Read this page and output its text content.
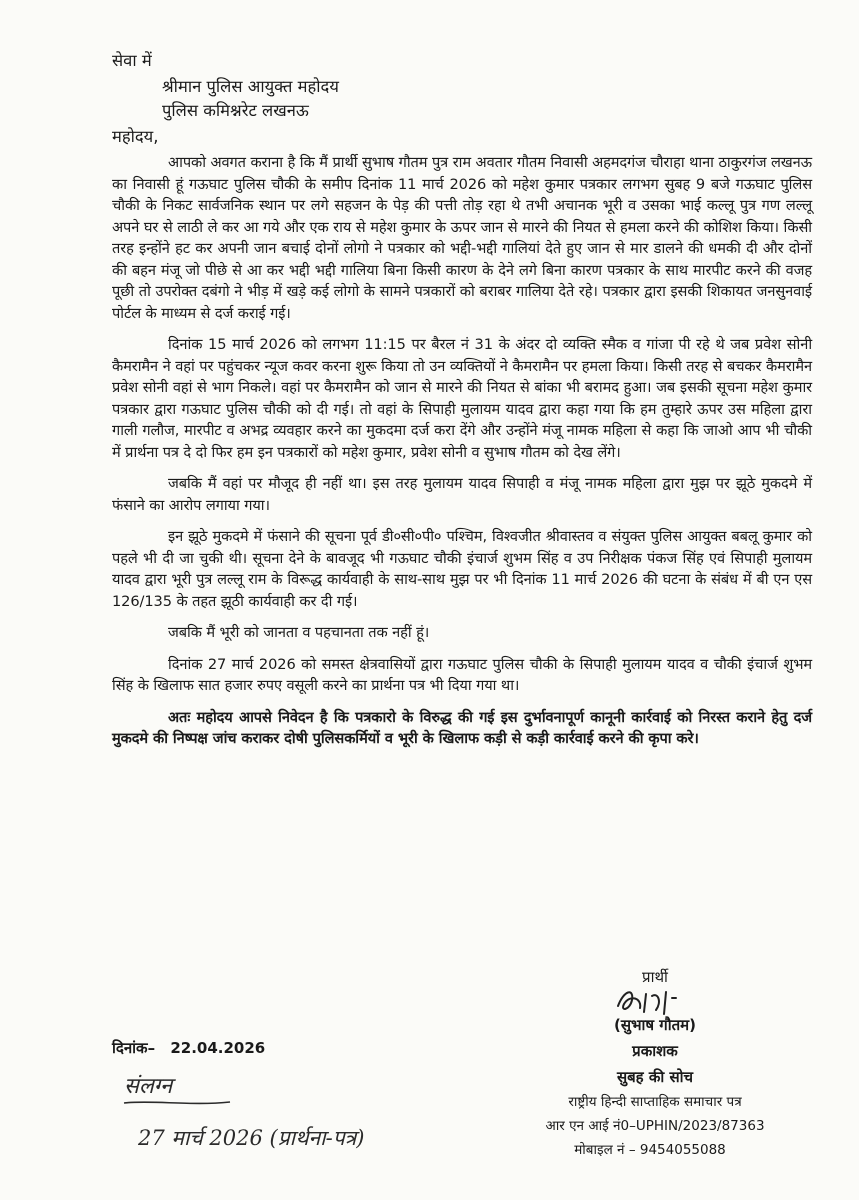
सेवा में
श्रीमान पुलिस आयुक्त महोदय
पुलिस कमिश्नरेट लखनऊ
महोदय,

आपको अवगत कराना है कि मैं प्रार्थी सुभाष गौतम पुत्र राम अवतार गौतम निवासी अहमदगंज चौराहा थाना ठाकुरगंज लखनऊ का निवासी हूं गऊघाट पुलिस चौकी के समीप दिनांक 11 मार्च 2026 को महेश कुमार पत्रकार लगभग सुबह 9 बजे गऊघाट पुलिस चौकी के निकट सार्वजनिक स्थान पर लगे सहजन के पेड़ की पत्ती तोड़ रहा थे तभी अचानक भूरी व उसका भाई कल्लू पुत्र गण लल्लू अपने घर से लाठी ले कर आ गये और एक राय से महेश कुमार के ऊपर जान से मारने की नियत से हमला करने की कोशिश किया। किसी तरह इन्होंने हट कर अपनी जान बचाई दोनों लोगो ने पत्रकार को भद्दी-भद्दी गालियां देते हुए जान से मार डालने की धमकी दी और दोनों की बहन मंजू जो पीछे से आ कर भद्दी भद्दी गालिया बिना किसी कारण के देने लगे बिना कारण पत्रकार के साथ मारपीट करने की वजह पूछी तो उपरोक्त दबंगो ने भीड़ में खड़े कई लोगो के सामने पत्रकारों को बराबर गालिया देते रहे। पत्रकार द्वारा इसकी शिकायत जनसुनवाई पोर्टल के माध्यम से दर्ज कराई गई।

दिनांक 15 मार्च 2026 को लगभग 11:15 पर बैरल नं 31 के अंदर दो व्यक्ति स्मैक व गांजा पी रहे थे जब प्रवेश सोनी कैमरामैन ने वहां पर पहुंचकर न्यूज कवर करना शुरू किया तो उन व्यक्तियों ने कैमरामैन पर हमला किया। किसी तरह से बचकर कैमरामैन प्रवेश सोनी वहां से भाग निकले। वहां पर कैमरामैन को जान से मारने की नियत से बांका भी बरामद हुआ। जब इसकी सूचना महेश कुमार पत्रकार द्वारा गऊघाट पुलिस चौकी को दी गई। तो वहां के सिपाही मुलायम यादव द्वारा कहा गया कि हम तुम्हारे ऊपर उस महिला द्वारा गाली गलौज, मारपीट व अभद्र व्यवहार करने का मुकदमा दर्ज करा देंगे और उन्होंने मंजू नामक महिला से कहा कि जाओ आप भी चौकी में प्रार्थना पत्र दे दो फिर हम इन पत्रकारों को महेश कुमार, प्रवेश सोनी व सुभाष गौतम को देख लेंगे।

जबकि मैं वहां पर मौजूद ही नहीं था। इस तरह मुलायम यादव सिपाही व मंजू नामक महिला द्वारा मुझ पर झूठे मुकदमे में फंसाने का आरोप लगाया गया।

इन झूठे मुकदमे में फंसाने की सूचना पूर्व डी०सी०पी० पश्चिम, विश्वजीत श्रीवास्तव व संयुक्त पुलिस आयुक्त बबलू कुमार को पहले भी दी जा चुकी थी। सूचना देने के बावजूद भी गऊघाट चौकी इंचार्ज शुभम सिंह व उप निरीक्षक पंकज सिंह एवं सिपाही मुलायम यादव द्वारा भूरी पुत्र लल्लू राम के विरूद्ध कार्यवाही के साथ-साथ मुझ पर भी दिनांक 11 मार्च 2026 की घटना के संबंध में बी एन एस 126/135 के तहत झूठी कार्यवाही कर दी गई।

जबकि मैं भूरी को जानता व पहचानता तक नहीं हूं।

दिनांक 27 मार्च 2026 को समस्त क्षेत्रवासियों द्वारा गऊघाट पुलिस चौकी के सिपाही मुलायम यादव व चौकी इंचार्ज शुभम सिंह के खिलाफ सात हजार रुपए वसूली करने का प्रार्थना पत्र भी दिया गया था।

अतः महोदय आपसे निवेदन है कि पत्रकारो के विरुद्ध की गई इस दुर्भावनापूर्ण कानूनी कार्रवाई को निरस्त कराने हेतु दर्ज मुकदमे की निष्पक्ष जांच कराकर दोषी पुलिसकर्मियों व भूरी के खिलाफ कड़ी से कड़ी कार्रवाई करने की कृपा करे।

प्रार्थी
(सुभाष गौतम)
प्रकाशक
सुबह की सोच
राष्ट्रीय हिन्दी साप्ताहिक समाचार पत्र
आर एन आई नं0–UPHIN/2023/87363
मोबाइल नं – 9454055088
दिनांक– 22.04.2026
संलग्न
27 मार्च 2026 (प्रार्थना-पत्र)
